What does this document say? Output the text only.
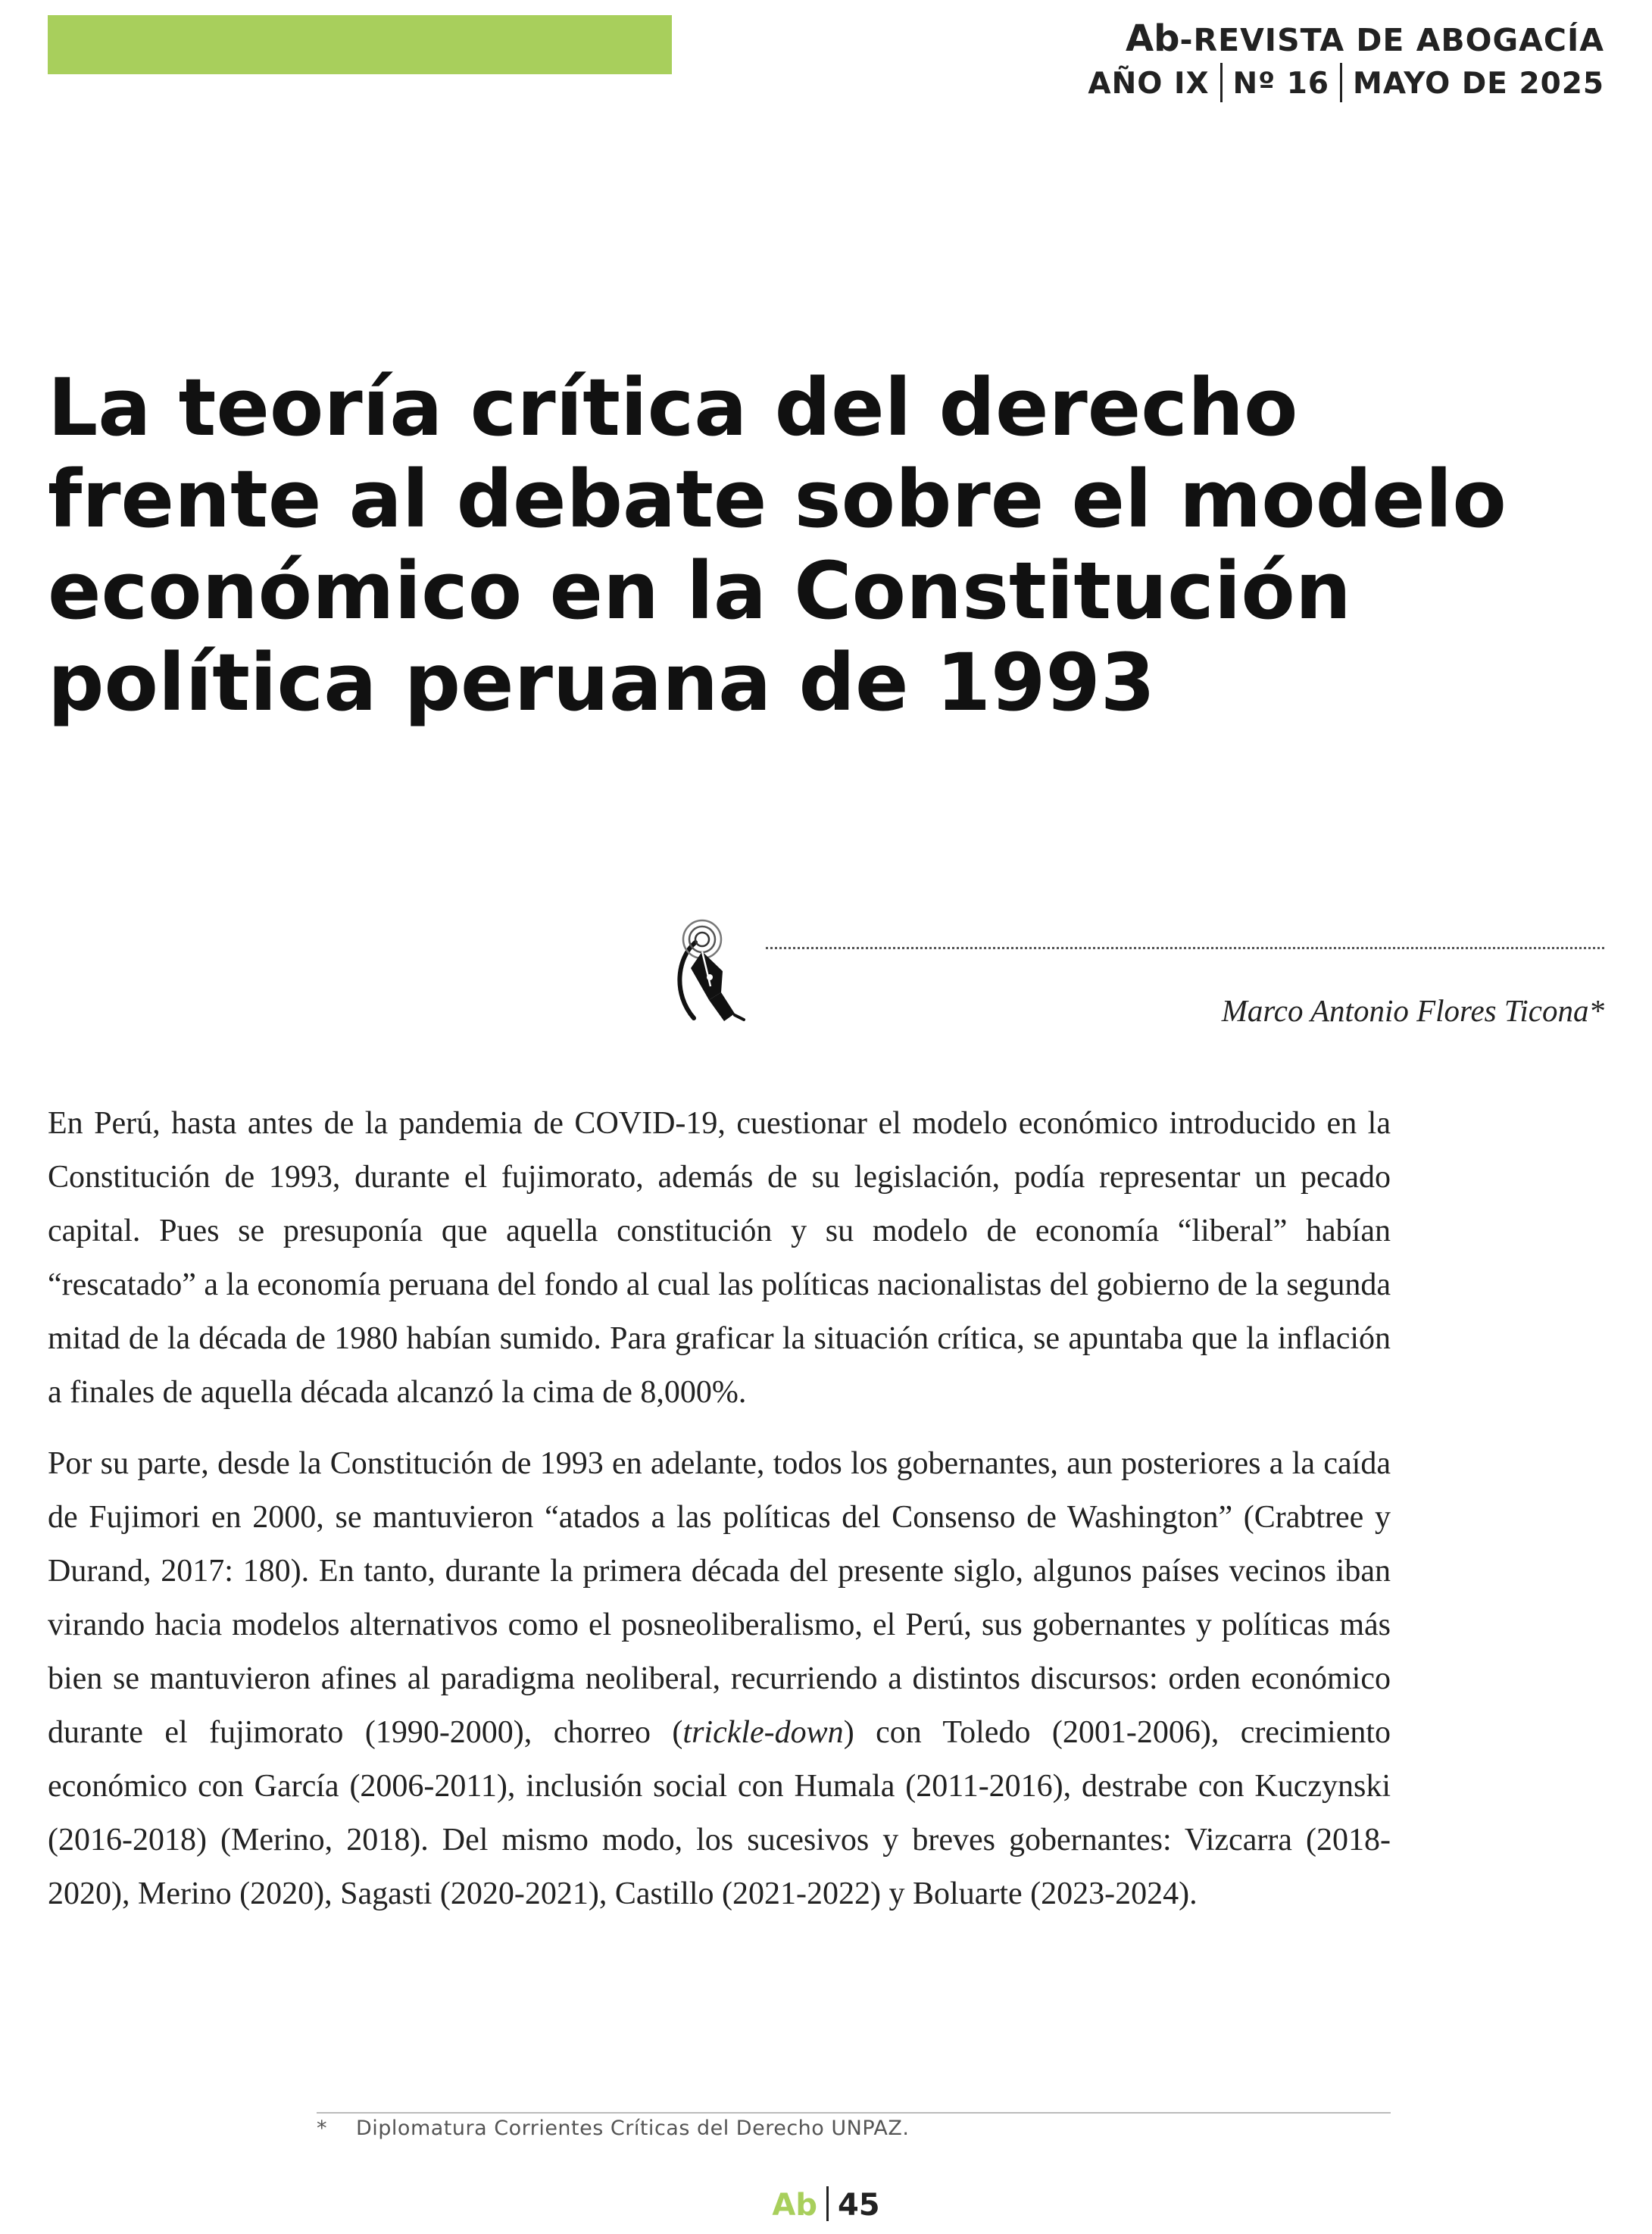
Ab-REVISTA DE ABOGACÍA
AÑO IX Nº 16 MAYO DE 2025
La teoría crítica del derecho
frente al debate sobre el modelo
económico en la Constitución
política peruana de 1993
Marco Antonio Flores Ticona*

En Perú, hasta antes de la pandemia de COVID-19, cuestionar el modelo económico introducido en la Constitución de 1993, durante el fujimorato, además de su legislación, podía representar un pecado capital. Pues se presuponía que aquella constitución y su modelo de economía “liberal” habían “rescatado” a la economía peruana del fondo al cual las políticas nacionalistas del gobierno de la segunda mitad de la década de 1980 habían sumido. Para graficar la situación crítica, se apuntaba que la inflación a finales de aquella década alcanzó la cima de 8,000%.

Por su parte, desde la Constitución de 1993 en adelante, todos los gobernantes, aun posteriores a la caída de Fujimori en 2000, se mantuvieron “atados a las políticas del Consenso de Washington” (Crabtree y Durand, 2017: 180). En tanto, durante la primera década del presente siglo, algunos países vecinos iban virando hacia modelos alternativos como el posneoliberalismo, el Perú, sus gobernantes y políticas más bien se mantuvieron afines al paradigma neoliberal, recurriendo a distintos discursos: orden económico durante el fujimorato (1990-2000), chorreo (trickle-down) con Toledo (2001-2006), crecimiento económico con García (2006-2011), inclusión social con Humala (2011-2016), destrabe con Kuczynski (2016-2018) (Merino, 2018). Del mismo modo, los sucesivos y breves gobernantes: Vizcarra (2018-2020), Merino (2020), Sagasti (2020-2021), Castillo (2021-2022) y Boluarte (2023-2024).

* Diplomatura Corrientes Críticas del Derecho UNPAZ.
Ab 45
